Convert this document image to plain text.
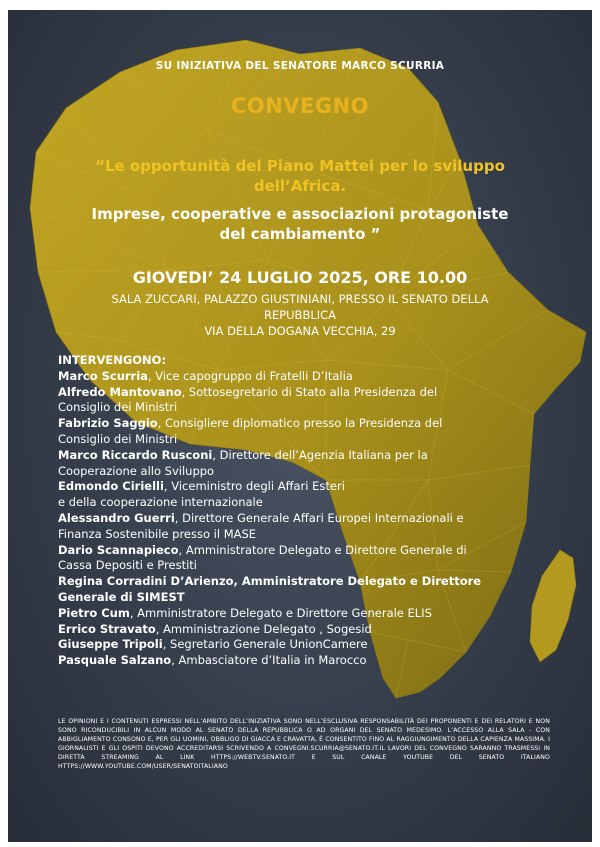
SU INIZIATIVA DEL SENATORE MARCO SCURRIA
CONVEGNO
“Le opportunità del Piano Mattei per lo sviluppo
dell’Africa.
Imprese, cooperative e associazioni protagoniste
del cambiamento ”
GIOVEDI’ 24 LUGLIO 2025, ORE 10.00
SALA ZUCCARI, PALAZZO GIUSTINIANI, PRESSO IL SENATO DELLA
REPUBBLICA
VIA DELLA DOGANA VECCHIA, 29
INTERVENGONO:
Marco Scurria, Vice capogruppo di Fratelli D’Italia
Alfredo Mantovano, Sottosegretario di Stato alla Presidenza del
Consiglio dei Ministri
Fabrizio Saggio, Consigliere diplomatico presso la Presidenza del
Consiglio dei Ministri
Marco Riccardo Rusconi, Direttore dell’Agenzia Italiana per la
Cooperazione allo Sviluppo
Edmondo Cirielli, Viceministro degli Affari Esteri
e della cooperazione internazionale
Alessandro Guerri, Direttore Generale Affari Europei Internazionali e
Finanza Sostenibile presso il MASE
Dario Scannapieco, Amministratore Delegato e Direttore Generale di
Cassa Depositi e Prestiti
Regina Corradini D’Arienzo, Amministratore Delegato e Direttore
Generale di SIMEST
Pietro Cum, Amministratore Delegato e Direttore Generale ELIS
Errico Stravato, Amministrazione Delegato , Sogesid
Giuseppe Tripoli, Segretario Generale UnionCamere
Pasquale Salzano, Ambasciatore d’Italia in Marocco
LE OPINIONI E I CONTENUTI ESPRESSI NELL’AMBITO DELL’INIZIATIVA SONO NELL’ESCLUSIVA RESPONSABILITÀ DEI PROPONENTI E DEI RELATORI E NON SONO RICONDUCIBILI IN ALCUN MODO AL SENATO DELLA REPUBBLICA O AD ORGANI DEL SENATO MEDESIMO. L’ACCESSO ALLA SALA - CON ABBIGLIAMENTO CONSONO E, PER GLI UOMINI, OBBLIGO DI GIACCA E CRAVATTA, È CONSENTITO FINO AL RAGGIUNGIMENTO DELLA CAPIENZA MASSIMA. I GIORNALISTI E GLI OSPITI DEVONO ACCREDITARSI SCRIVENDO A CONVEGNI.SCURRIA@SENATO.IT.IL LAVORI DEL CONVEGNO SARANNO TRASMESSI IN DIRETTA STREAMING AL LINK HTTPS://WEBTV.SENATO.IT E SUL CANALE YOUTUBE DEL SENATO ITALIANO HTTPS://WWW.YOUTUBE.COM/USER/SENATOITALIANO
